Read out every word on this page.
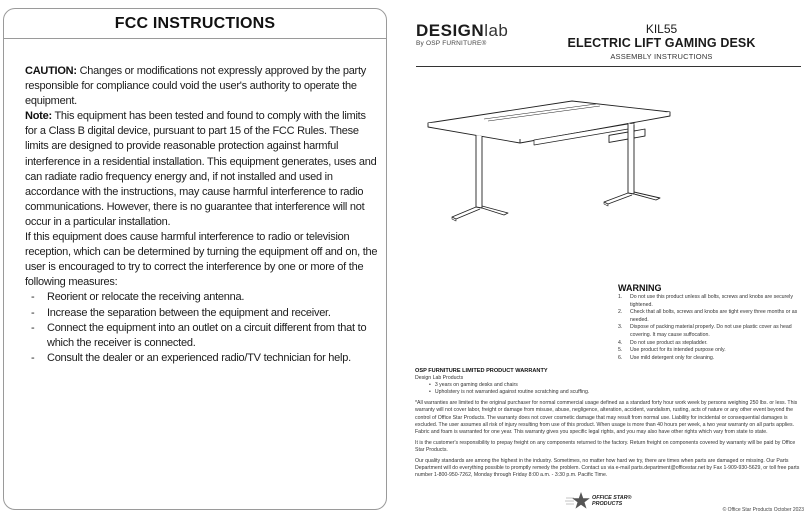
FCC INSTRUCTIONS

CAUTION: Changes or modifications not expressly approved by the party responsible for compliance could void the user's authority to operate the equipment.

Note: This equipment has been tested and found to comply with the limits for a Class B digital device, pursuant to part 15 of the FCC Rules. These limits are designed to provide reasonable protection against harmful interference in a residential installation. This equipment generates, uses and can radiate radio frequency energy and, if not installed and used in accordance with the instructions, may cause harmful interference to radio communications. However, there is no guarantee that interference will not occur in a particular installation.

If this equipment does cause harmful interference to radio or television reception, which can be determined by turning the equipment off and on, the user is encouraged to try to correct the interference by one or more of the following measures:

- Reorient or relocate the receiving antenna.
- Increase the separation between the equipment and receiver.
- Connect the equipment into an outlet on a circuit different from that to which the receiver is connected.
- Consult the dealer or an experienced radio/TV technician for help.
DESIGNlab
By OSP FURNITURE®
KIL55
ELECTRIC LIFT GAMING DESK
ASSEMBLY INSTRUCTIONS
WARNING
1.	Do not use this product unless all bolts, screws and knobs are securely tightened.
2.	Check that all bolts, screws and knobs are tight every three months or as needed.
3.	Dispose of packing material properly. Do not use plastic cover as head covering. It may cause suffocation.
4.	Do not use product as stepladder.
5.	Use product for its intended purpose only.
6.	Use mild detergent only for cleaning.
OSP FURNITURE LIMITED PRODUCT WARRANTY
Design Lab Products
• 3 years on gaming desks and chairs
• Upholstery is not warranted against routine scratching and scuffing.

*All warranties are limited to the original purchaser for normal commercial usage defined as a standard forty hour work week by persons weighing 250 lbs. or less. This warranty will not cover labor, freight or damage from misuse, abuse, negligence, alteration, accident, vandalism, rusting, acts of nature or any other event beyond the control of Office Star Products. The warranty does not cover cosmetic damage that may result from normal use. Liability for incidental or consequential damages is excluded. The user assumes all risk of injury resulting from use of this product. When usage is more than 40 hours per week, a two year warranty on all parts applies. Fabric and foam is warranted for one year. This warranty gives you specific legal rights, and you may also have other rights which vary from state to state.

It is the customer's responsibility to prepay freight on any components returned to the factory. Return freight on components covered by warranty will be paid by Office Star Products.

Our quality standards are among the highest in the industry. Sometimes, no matter how hard we try, there are times when parts are damaged or missing. Our Parts Department will do everything possible to promptly remedy the problem. Contact us via e-mail parts.department@officestar.net by Fax 1-909-930-5629, or toll free parts number 1-800-950-7262, Monday through Friday 8:00 a.m. - 3:30 p.m. Pacific Time.

OFFICE STAR®
PRODUCTS
© Office Star Products October 2023
